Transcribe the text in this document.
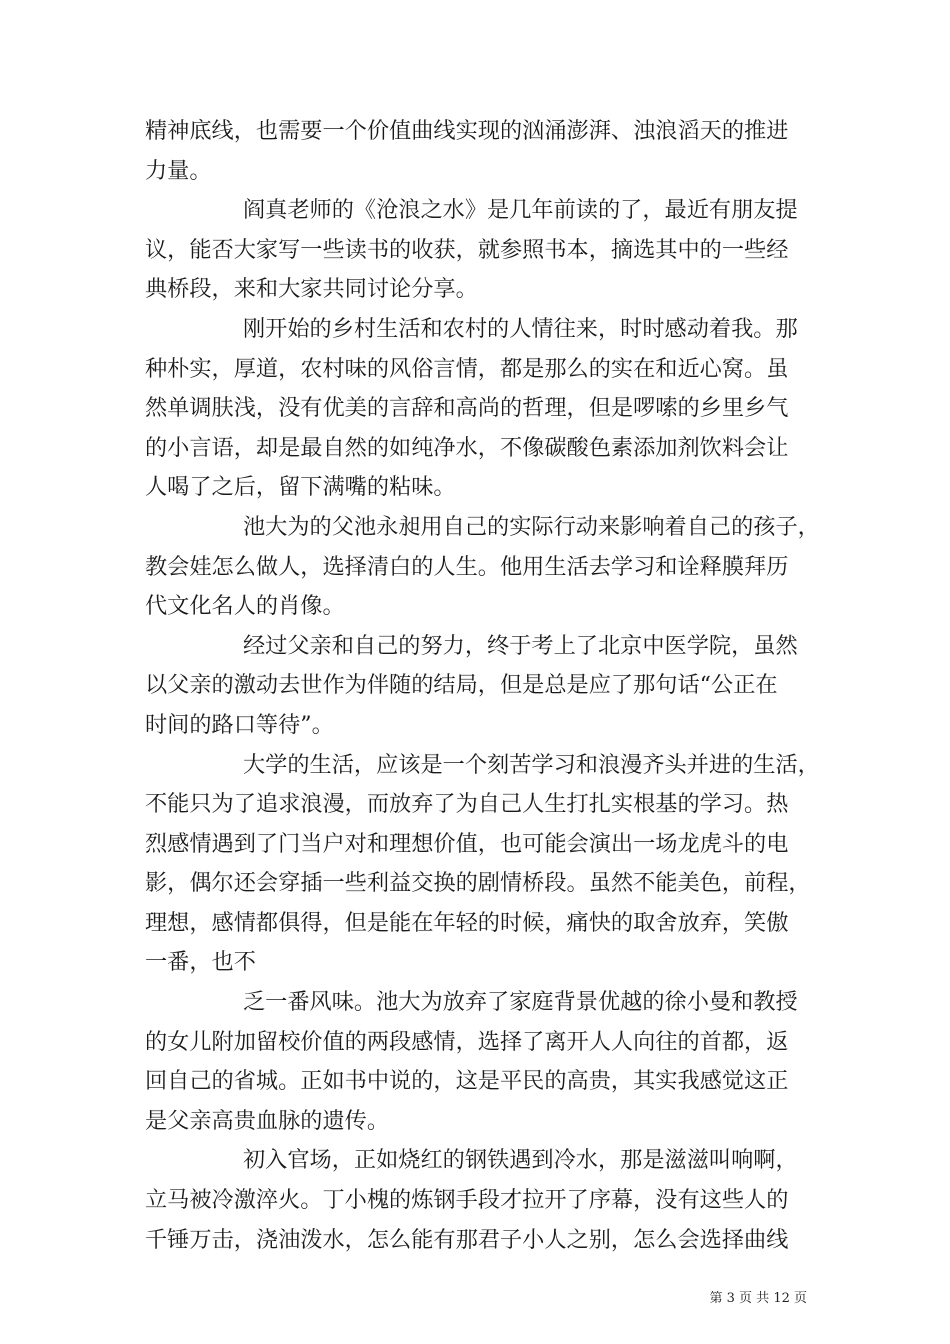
精神底线，也需要一个价值曲线实现的汹涌澎湃、浊浪滔天的推进
力量。
阎真老师的《沧浪之水》是几年前读的了，最近有朋友提
议，能否大家写一些读书的收获，就参照书本，摘选其中的一些经
典桥段，来和大家共同讨论分享。
刚开始的乡村生活和农村的人情往来，时时感动着我。那
种朴实，厚道，农村味的风俗言情，都是那么的实在和近心窝。虽
然单调肤浅，没有优美的言辞和高尚的哲理，但是啰嗦的乡里乡气
的小言语，却是最自然的如纯净水，不像碳酸色素添加剂饮料会让
人喝了之后，留下满嘴的粘味。
池大为的父池永昶用自己的实际行动来影响着自己的孩子，
教会娃怎么做人，选择清白的人生。他用生活去学习和诠释膜拜历
代文化名人的肖像。
经过父亲和自己的努力，终于考上了北京中医学院，虽然
以父亲的激动去世作为伴随的结局，但是总是应了那句话“公正在
时间的路口等待”。
大学的生活，应该是一个刻苦学习和浪漫齐头并进的生活，
不能只为了追求浪漫，而放弃了为自己人生打扎实根基的学习。热
烈感情遇到了门当户对和理想价值，也可能会演出一场龙虎斗的电
影，偶尔还会穿插一些利益交换的剧情桥段。虽然不能美色，前程，
理想，感情都俱得，但是能在年轻的时候，痛快的取舍放弃，笑傲
一番，也不
乏一番风味。池大为放弃了家庭背景优越的徐小曼和教授
的女儿附加留校价值的两段感情，选择了离开人人向往的首都，返
回自己的省城。正如书中说的，这是平民的高贵，其实我感觉这正
是父亲高贵血脉的遗传。
初入官场，正如烧红的钢铁遇到冷水，那是滋滋叫响啊，
立马被冷激淬火。丁小槐的炼钢手段才拉开了序幕，没有这些人的
千锤万击，浇油泼水，怎么能有那君子小人之别，怎么会选择曲线
第 3 页 共 12 页
